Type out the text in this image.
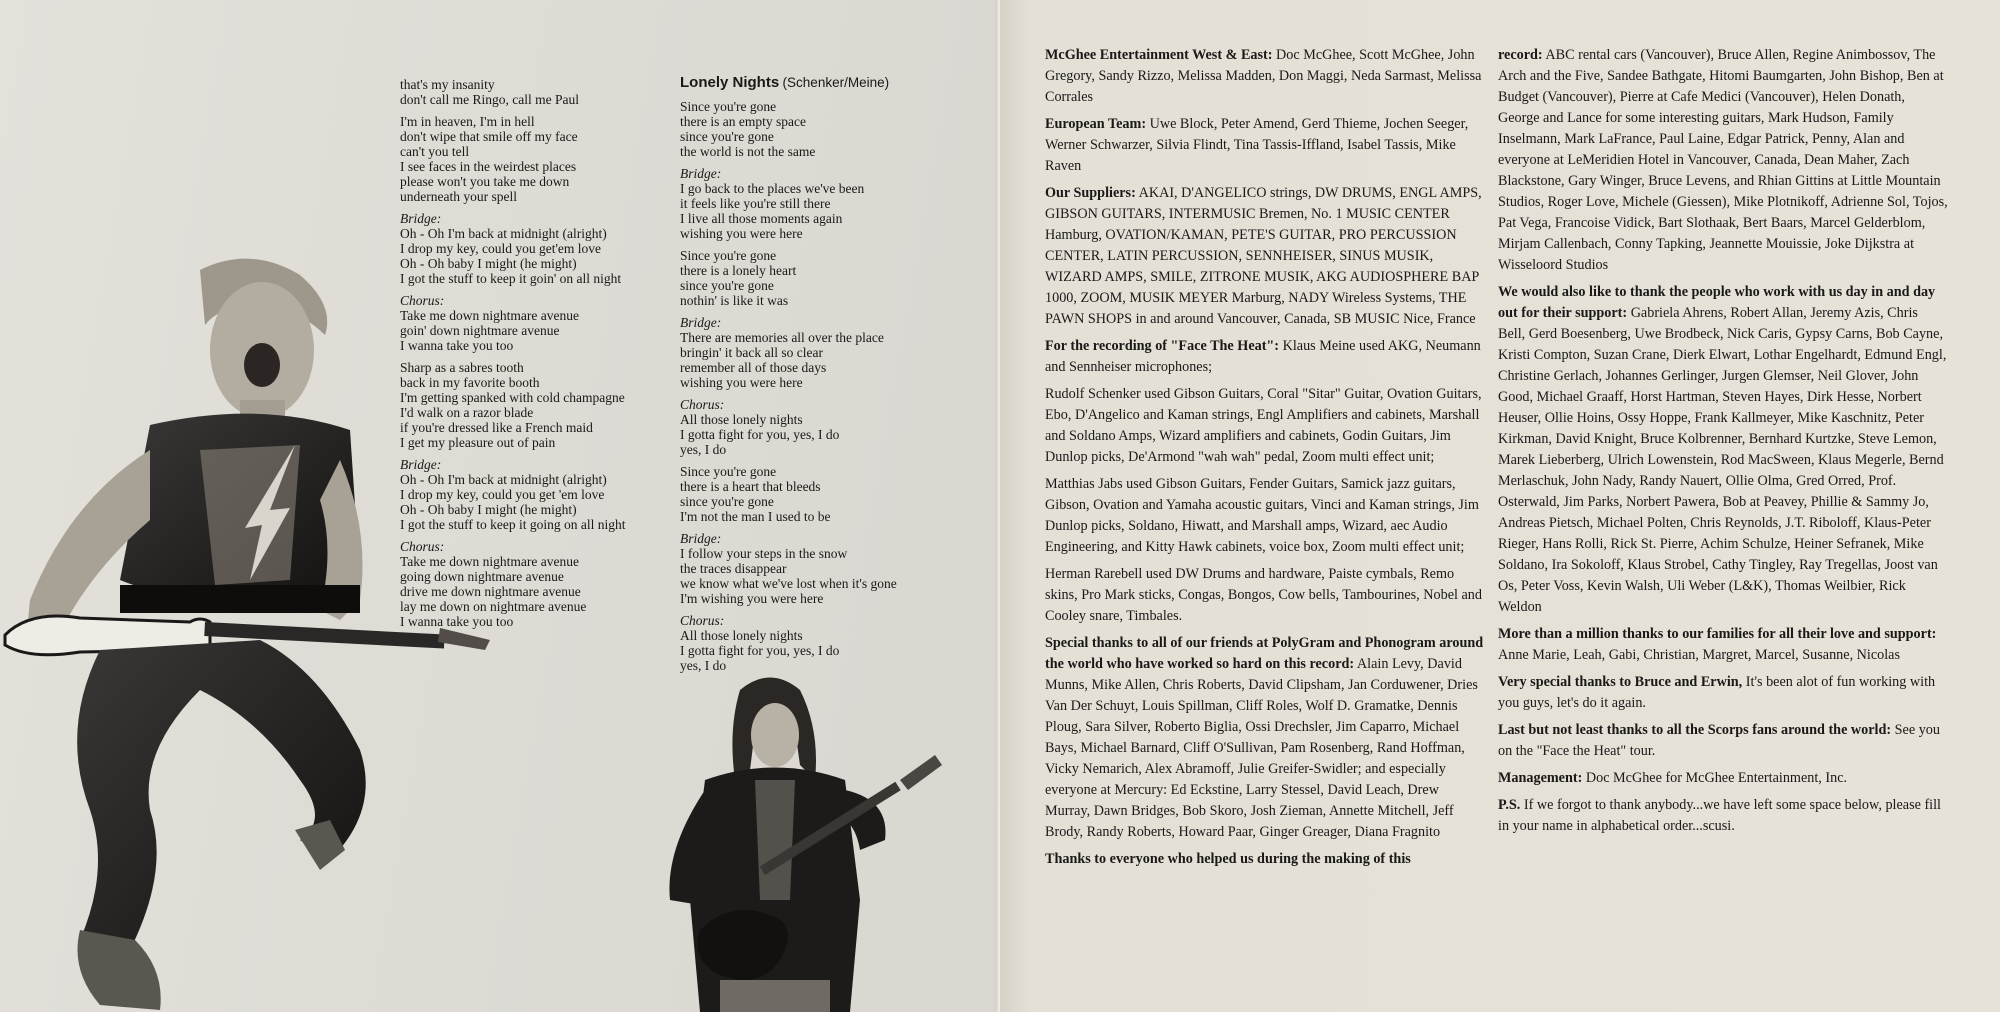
that's my insanity
don't call me Ringo, call me Paul
I'm in heaven, I'm in hell
don't wipe that smile off my face
can't you tell
I see faces in the weirdest places
please won't you take me down
underneath your spell
Bridge:
Oh - Oh I'm back at midnight (alright)
I drop my key, could you get'em love
Oh - Oh baby I might (he might)
I got the stuff to keep it goin' on all night
Chorus:
Take me down nightmare avenue
goin' down nightmare avenue
I wanna take you too
Sharp as a sabres tooth
back in my favorite booth
I'm getting spanked with cold champagne
I'd walk on a razor blade
if you're dressed like a French maid
I get my pleasure out of pain
Bridge:
Oh - Oh I'm back at midnight (alright)
I drop my key, could you get 'em love
Oh - Oh baby I might (he might)
I got the stuff to keep it going on all night
Chorus:
Take me down nightmare avenue
going down nightmare avenue
drive me down nightmare avenue
lay me down on nightmare avenue
I wanna take you too
Lonely Nights (Schenker/Meine)
Since you're gone
there is an empty space
since you're gone
the world is not the same
Bridge:
I go back to the places we've been
it feels like you're still there
I live all those moments again
wishing you were here
Since you're gone
there is a lonely heart
since you're gone
nothin' is like it was
Bridge:
There are memories all over the place
bringin' it back all so clear
remember all of those days
wishing you were here
Chorus:
All those lonely nights
I gotta fight for you, yes, I do
yes, I do
Since you're gone
there is a heart that bleeds
since you're gone
I'm not the man I used to be
Bridge:
I follow your steps in the snow
the traces disappear
we know what we've lost when it's gone
I'm wishing you were here
Chorus:
All those lonely nights
I gotta fight for you, yes, I do
yes, I do

McGhee Entertainment West & East: Doc McGhee, Scott McGhee, John Gregory, Sandy Rizzo, Melissa Madden, Don Maggi, Neda Sarmast, Melissa Corrales

European Team: Uwe Block, Peter Amend, Gerd Thieme, Jochen Seeger, Werner Schwarzer, Silvia Flindt, Tina Tassis-Iffland, Isabel Tassis, Mike Raven

Our Suppliers: AKAI, D'ANGELICO strings, DW DRUMS, ENGL AMPS, GIBSON GUITARS, INTERMUSIC Bremen, No. 1 MUSIC CENTER Hamburg, OVATION/KAMAN, PETE'S GUITAR, PRO PERCUSSION CENTER, LATIN PERCUSSION, SENNHEISER, SINUS MUSIK, WIZARD AMPS, SMILE, ZITRONE MUSIK, AKG AUDIOSPHERE BAP 1000, ZOOM, MUSIK MEYER Marburg, NADY Wireless Systems, THE PAWN SHOPS in and around Vancouver, Canada, SB MUSIC Nice, France

For the recording of "Face The Heat": Klaus Meine used AKG, Neumann and Sennheiser microphones;

Rudolf Schenker used Gibson Guitars, Coral "Sitar" Guitar, Ovation Guitars, Ebo, D'Angelico and Kaman strings, Engl Amplifiers and cabinets, Marshall and Soldano Amps, Wizard amplifiers and cabinets, Godin Guitars, Jim Dunlop picks, De'Armond "wah wah" pedal, Zoom multi effect unit;

Matthias Jabs used Gibson Guitars, Fender Guitars, Samick jazz guitars, Gibson, Ovation and Yamaha acoustic guitars, Vinci and Kaman strings, Jim Dunlop picks, Soldano, Hiwatt, and Marshall amps, Wizard, aec Audio Engineering, and Kitty Hawk cabinets, voice box, Zoom multi effect unit;

Herman Rarebell used DW Drums and hardware, Paiste cymbals, Remo skins, Pro Mark sticks, Congas, Bongos, Cow bells, Tambourines, Nobel and Cooley snare, Timbales.

Special thanks to all of our friends at PolyGram and Phonogram around the world who have worked so hard on this record: Alain Levy, David Munns, Mike Allen, Chris Roberts, David Clipsham, Jan Corduwener, Dries Van Der Schuyt, Louis Spillman, Cliff Roles, Wolf D. Gramatke, Dennis Ploug, Sara Silver, Roberto Biglia, Ossi Drechsler, Jim Caparro, Michael Bays, Michael Barnard, Cliff O'Sullivan, Pam Rosenberg, Rand Hoffman, Vicky Nemarich, Alex Abramoff, Julie Greifer-Swidler; and especially everyone at Mercury: Ed Eckstine, Larry Stessel, David Leach, Drew Murray, Dawn Bridges, Bob Skoro, Josh Zieman, Annette Mitchell, Jeff Brody, Randy Roberts, Howard Paar, Ginger Greager, Diana Fragnito

Thanks to everyone who helped us during the making of this

record: ABC rental cars (Vancouver), Bruce Allen, Regine Animbossov, The Arch and the Five, Sandee Bathgate, Hitomi Baumgarten, John Bishop, Ben at Budget (Vancouver), Pierre at Cafe Medici (Vancouver), Helen Donath, George and Lance for some interesting guitars, Mark Hudson, Family Inselmann, Mark LaFrance, Paul Laine, Edgar Patrick, Penny, Alan and everyone at LeMeridien Hotel in Vancouver, Canada, Dean Maher, Zach Blackstone, Gary Winger, Bruce Levens, and Rhian Gittins at Little Mountain Studios, Roger Love, Michele (Giessen), Mike Plotnikoff, Adrienne Sol, Tojos, Pat Vega, Francoise Vidick, Bart Slothaak, Bert Baars, Marcel Gelderblom, Mirjam Callenbach, Conny Tapking, Jeannette Mouissie, Joke Dijkstra at Wisseloord Studios

We would also like to thank the people who work with us day in and day out for their support: Gabriela Ahrens, Robert Allan, Jeremy Azis, Chris Bell, Gerd Boesenberg, Uwe Brodbeck, Nick Caris, Gypsy Carns, Bob Cayne, Kristi Compton, Suzan Crane, Dierk Elwart, Lothar Engelhardt, Edmund Engl, Christine Gerlach, Johannes Gerlinger, Jurgen Glemser, Neil Glover, John Good, Michael Graaff, Horst Hartman, Steven Hayes, Dirk Hesse, Norbert Heuser, Ollie Hoins, Ossy Hoppe, Frank Kallmeyer, Mike Kaschnitz, Peter Kirkman, David Knight, Bruce Kolbrenner, Bernhard Kurtzke, Steve Lemon, Marek Lieberberg, Ulrich Lowenstein, Rod MacSween, Klaus Megerle, Bernd Merlaschuk, John Nady, Randy Nauert, Ollie Olma, Gred Orred, Prof. Osterwald, Jim Parks, Norbert Pawera, Bob at Peavey, Phillie & Sammy Jo, Andreas Pietsch, Michael Polten, Chris Reynolds, J.T. Riboloff, Klaus-Peter Rieger, Hans Rolli, Rick St. Pierre, Achim Schulze, Heiner Sefranek, Mike Soldano, Ira Sokoloff, Klaus Strobel, Cathy Tingley, Ray Tregellas, Joost van Os, Peter Voss, Kevin Walsh, Uli Weber (L&K), Thomas Weilbier, Rick Weldon

More than a million thanks to our families for all their love and support: Anne Marie, Leah, Gabi, Christian, Margret, Marcel, Susanne, Nicolas

Very special thanks to Bruce and Erwin, It's been alot of fun working with you guys, let's do it again.

Last but not least thanks to all the Scorps fans around the world: See you on the "Face the Heat" tour.

Management: Doc McGhee for McGhee Entertainment, Inc.

P.S. If we forgot to thank anybody...we have left some space below, please fill in your name in alphabetical order...scusi.
